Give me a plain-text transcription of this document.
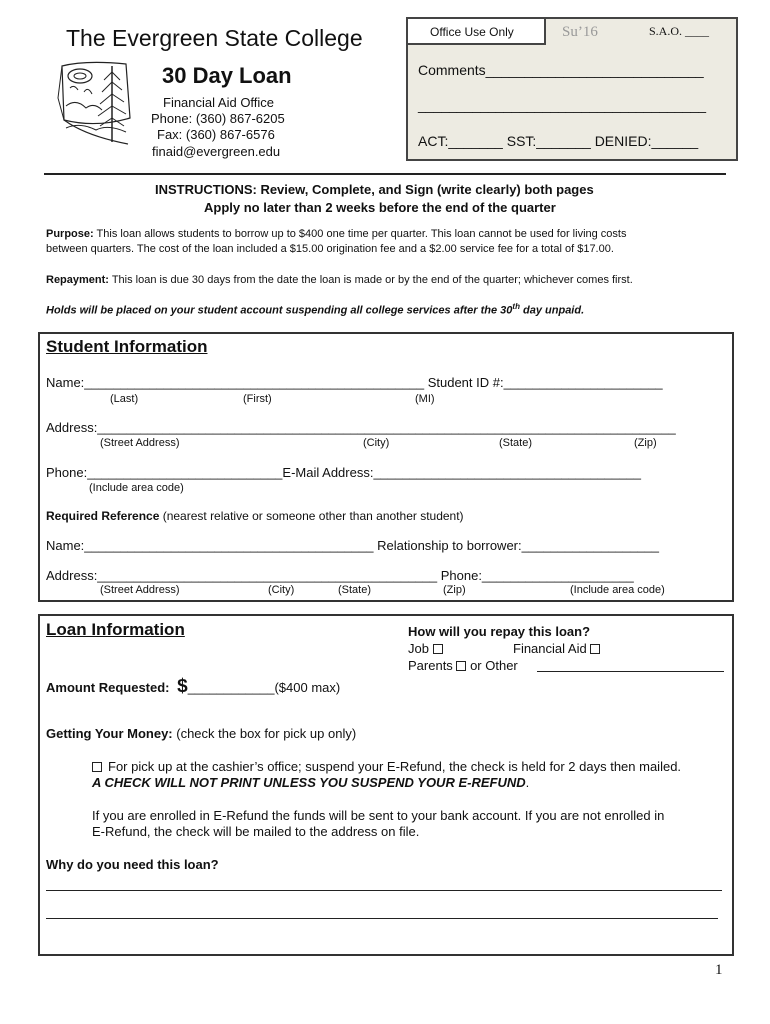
The Evergreen State College
30 Day Loan
Financial Aid Office
Phone: (360) 867-6205
Fax: (360) 867-6576
finaid@evergreen.edu
Office Use Only	Su’16	S.A.O. ____
Comments____________________________
_____________________________________
ACT:_______ SST:_______ DENIED:______
INSTRUCTIONS: Review, Complete, and Sign (write clearly) both pages
Apply no later than 2 weeks before the end of the quarter
Purpose: This loan allows students to borrow up to $400 one time per quarter. This loan cannot be used for living costs
between quarters. The cost of the loan included a $15.00 origination fee and a $2.00 service fee for a total of $17.00.
Repayment: This loan is due 30 days from the date the loan is made or by the end of the quarter; whichever comes first.
Holds will be placed on your student account suspending all college services after the 30th day unpaid.
Student Information
Name:_______________________________________________ Student ID #:______________________
(Last)	(First)	(MI)
Address:________________________________________________________________________________
(Street Address)	(City)	(State)	(Zip)
Phone:___________________________E-Mail Address:_____________________________________
(Include area code)
Required Reference (nearest relative or someone other than another student)
Name:________________________________________ Relationship to borrower:___________________
Address:_______________________________________________ Phone:_____________________
(Street Address)	(City)	(State)	(Zip)	(Include area code)
Loan Information	How will you repay this loan?
Job	Financial Aid
Parents or Other
Amount Requested: $____________($400 max)
Getting Your Money: (check the box for pick up only)
For pick up at the cashier’s office; suspend your E-Refund, the check is held for 2 days then mailed.
A CHECK WILL NOT PRINT UNLESS YOU SUSPEND YOUR E-REFUND.
If you are enrolled in E-Refund the funds will be sent to your bank account. If you are not enrolled in
E-Refund, the check will be mailed to the address on file.
Why do you need this loan?
1
